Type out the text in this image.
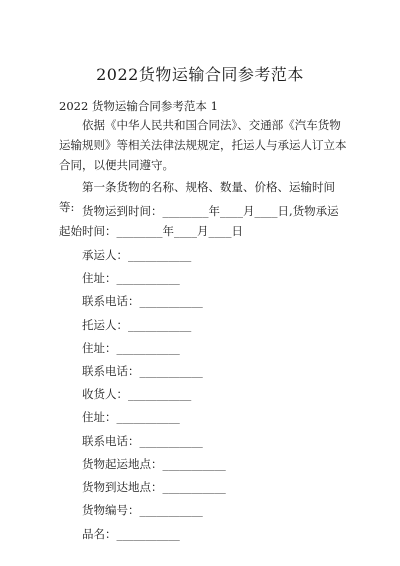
2022货物运输合同参考范本
2022 货物运输合同参考范本 1

依据《中华人民共和国合同法》、交通部《汽车货物运输规则》等相关法律法规规定，托运人与承运人订立本合同，以便共同遵守。

第一条货物的名称、规格、数量、价格、运输时间等: 货物运到时间：________年____月____日,货物承运起始时间：________年____月____日

承运人：___________
住址：___________
联系电话：___________
托运人：___________
住址：___________
联系电话：___________
收货人：___________
住址：___________
联系电话：___________
货物起运地点：___________
货物到达地点：___________
货物编号：___________
品名：___________
